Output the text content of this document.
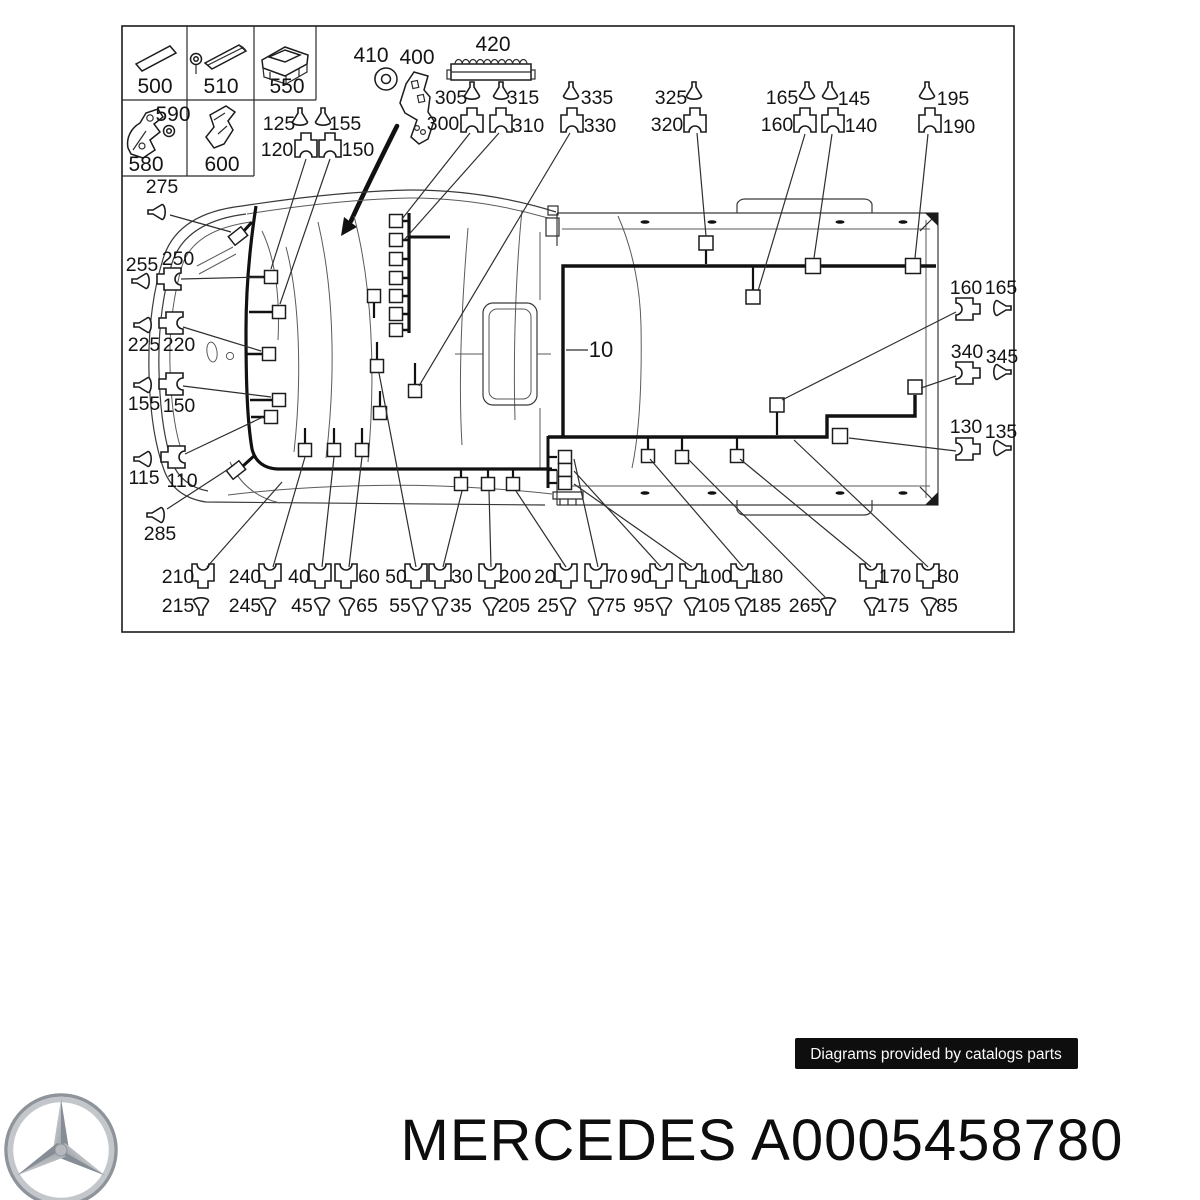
500 510 550
590
580 600
410 400
420
125 155
120 150
305 315
300	310
335
330
325
320
165
160
145
140
195
190
275
255 250
225 220
155 150
115 110
285
160 165
340 345
130 135
210
215
240
245
40
45
60
65
50
55
30
35
200
205
20
25
70
75
90
95
100
105
180
185 265
170
175
80
85
10
Diagrams provided by catalogs parts
MERCEDES A0005458780
